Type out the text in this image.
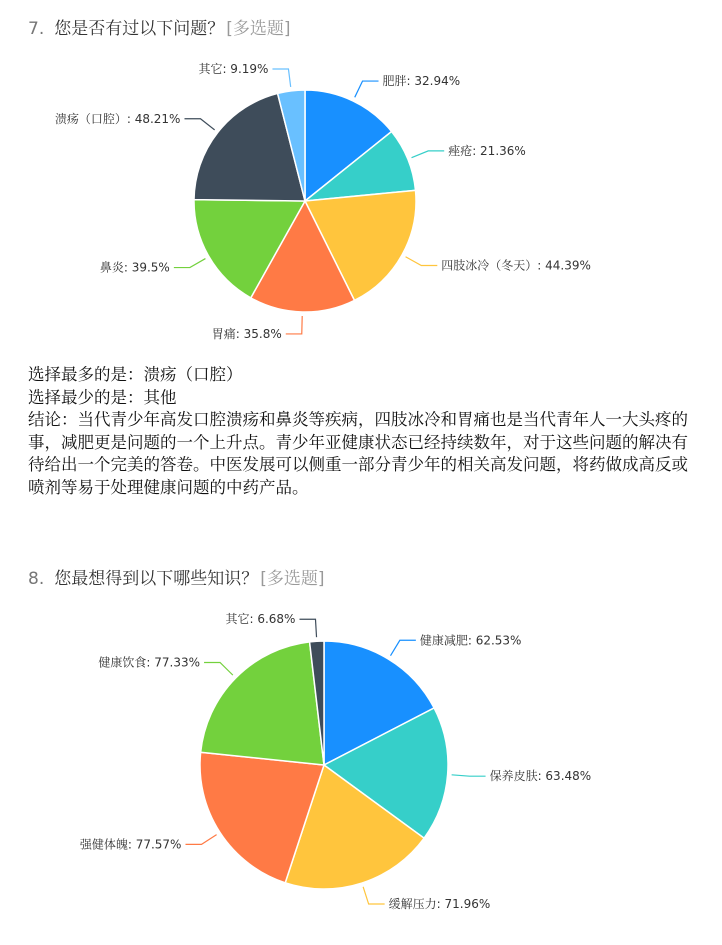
7. 您是否有过以下问题？ [多选题]
肥胖: 32.94%
痤疮: 21.36%
四肢冰冷（冬天）: 44.39%
胃痛: 35.8%
鼻炎: 39.5%
溃疡（口腔）: 48.21%
其它: 9.19%

选择最多的是：溃疡（口腔）

选择最少的是：其他

结论：当代青少年高发口腔溃疡和鼻炎等疾病，四肢冰冷和胃痛也是当代青年人一大头疼的事，减肥更是问题的一个上升点。青少年亚健康状态已经持续数年，对于这些问题的解决有待给出一个完美的答卷。中医发展可以侧重一部分青少年的相关高发问题，将药做成高反或喷剂等易于处理健康问题的中药产品。

8. 您最想得到以下哪些知识？ [多选题]
健康减肥: 62.53%
保养皮肤: 63.48%
缓解压力: 71.96%
强健体魄: 77.57%
健康饮食: 77.33%
其它: 6.68%
